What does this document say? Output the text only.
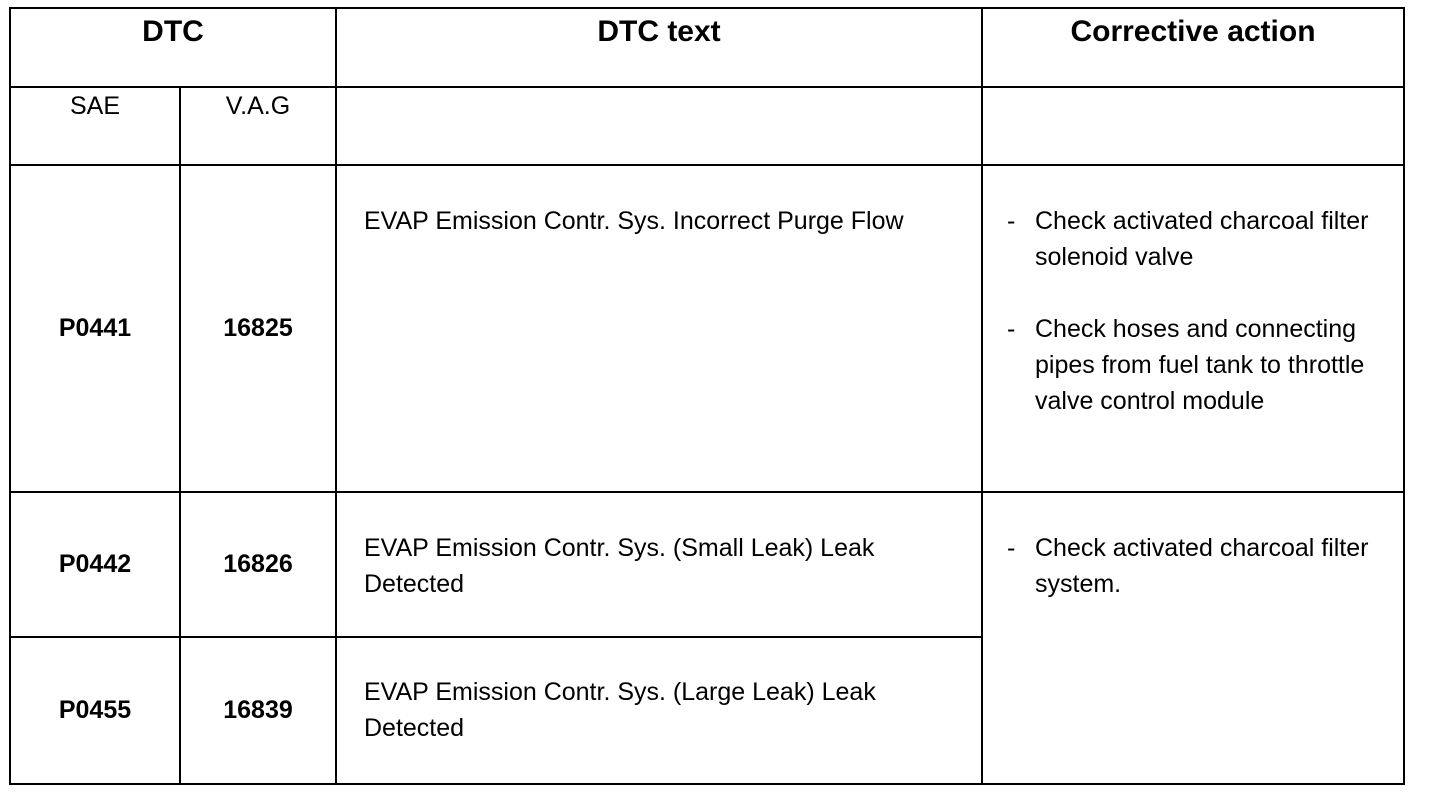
DTC		DTC text	Corrective action
SAE	V.A.G		
P0441	16825	EVAP Emission Contr. Sys. Incorrect Purge Flow	- Check activated charcoal filter solenoid valve
- Check hoses and connecting pipes from fuel tank to throttle valve control module

P0442	16826	EVAP Emission Contr. Sys. (Small Leak) Leak Detected	- Check activated charcoal filter system.

P0455	16839	EVAP Emission Contr. Sys. (Large Leak) Leak Detected	
